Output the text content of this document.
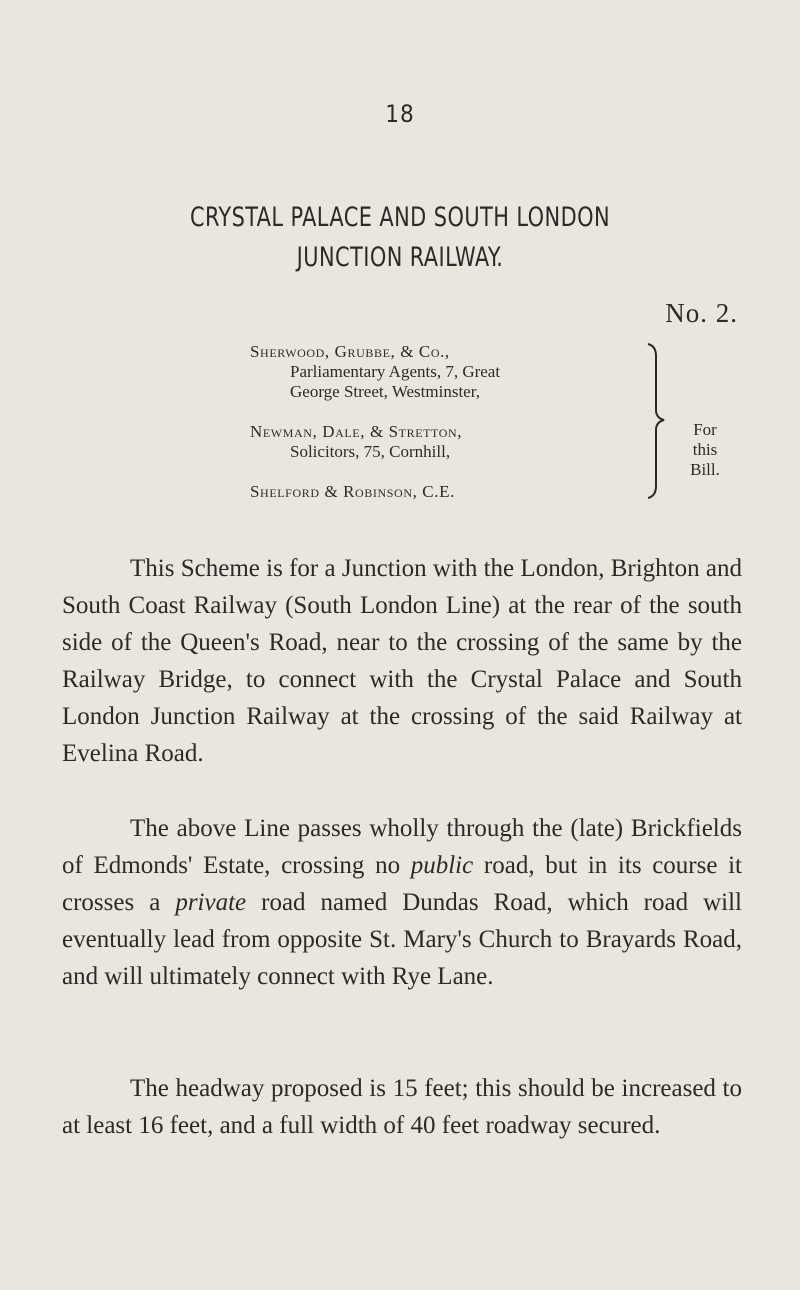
18
CRYSTAL PALACE AND SOUTH LONDON
JUNCTION RAILWAY.
No. 2.
Sherwood, Grubbe, & Co.,
Parliamentary Agents, 7, Great
George Street, Westminster,
Newman, Dale, & Stretton,
Solicitors, 75, Cornhill,
Shelford & Robinson, C.E.
For
this
Bill.

This Scheme is for a Junction with the London, Brighton and South Coast Railway (South London Line) at the rear of the south side of the Queen's Road, near to the crossing of the same by the Railway Bridge, to connect with the Crystal Palace and South London Junction Railway at the crossing of the said Railway at Evelina Road.

The above Line passes wholly through the (late) Brickfields of Edmonds' Estate, crossing no public road, but in its course it crosses a private road named Dundas Road, which road will eventually lead from opposite St. Mary's Church to Brayards Road, and will ultimately connect with Rye Lane.

The headway proposed is 15 feet; this should be increased to at least 16 feet, and a full width of 40 feet roadway secured.
